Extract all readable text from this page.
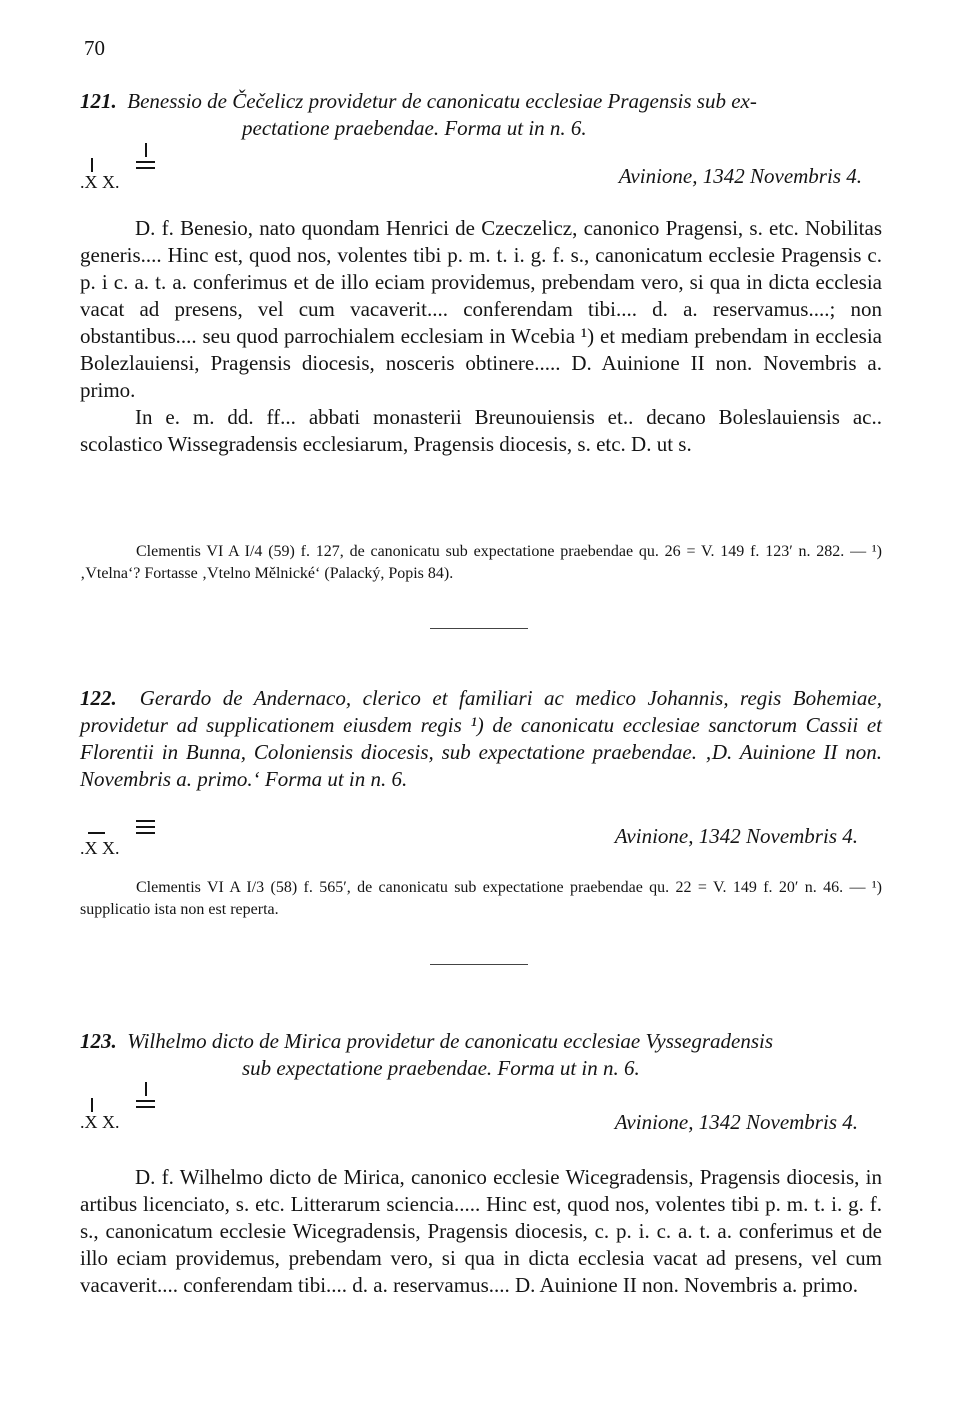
70
121. Benessio de Čečelicz providetur de canonicatu ecclesiae Pragensis sub ex-
pectatione praebendae. Forma ut in n. 6.
.X X.	Avinione, 1342 Novembris 4.

D. f. Benesio, nato quondam Henrici de Czeczelicz, canonico Pragensi, s. etc. Nobilitas generis.... Hinc est, quod nos, volentes tibi p. m. t. i. g. f. s., canonicatum ecclesie Pragensis c. p. i c. a. t. a. conferimus et de illo eciam providemus, prebendam vero, si qua in dicta ecclesia vacat ad presens, vel cum vacaverit.... conferendam tibi.... d. a. reservamus....; non obstantibus.... seu quod parrochialem ecclesiam in Wcebia ¹) et mediam prebendam in ecclesia Bolezlauiensi, Pragensis diocesis, nosceris obtinere..... D. Auinione II non. Novembris a. primo.

In e. m. dd. ff... abbati monasterii Breunouiensis et.. decano Boleslauiensis ac.. scolastico Wissegradensis ecclesiarum, Pragensis diocesis, s. etc. D. ut s.

Clementis VI A I/4 (59) f. 127, de canonicatu sub expectatione praebendae qu. 26 = V. 149 f. 123′ n. 282. — ¹) ‚Vtelna‘? Fortasse ‚Vtelno Mělnické‘ (Palacký, Popis 84).

122. Gerardo de Andernaco, clerico et familiari ac medico Johannis, regis Bohemiae, providetur ad supplicationem eiusdem regis ¹) de canonicatu ecclesiae sanctorum Cassii et Florentii in Bunna, Coloniensis diocesis, sub expectatione praebendae. ‚D. Auinione II non. Novembris a. primo.‘ Forma ut in n. 6.
.X X.	Avinione, 1342 Novembris 4.

Clementis VI A I/3 (58) f. 565′, de canonicatu sub expectatione praebendae qu. 22 = V. 149 f. 20′ n. 46. — ¹) supplicatio ista non est reperta.

123. Wilhelmo dicto de Mirica providetur de canonicatu ecclesiae Vyssegradensis
sub expectatione praebendae. Forma ut in n. 6.
.X X.	Avinione, 1342 Novembris 4.

D. f. Wilhelmo dicto de Mirica, canonico ecclesie Wicegradensis, Pragensis diocesis, in artibus licenciato, s. etc. Litterarum sciencia..... Hinc est, quod nos, volentes tibi p. m. t. i. g. f. s., canonicatum ecclesie Wicegradensis, Pragensis diocesis, c. p. i. c. a. t. a. conferimus et de illo eciam providemus, prebendam vero, si qua in dicta ecclesia vacat ad presens, vel cum vacaverit.... conferendam tibi.... d. a. reservamus.... D. Auinione II non. Novembris a. primo.
